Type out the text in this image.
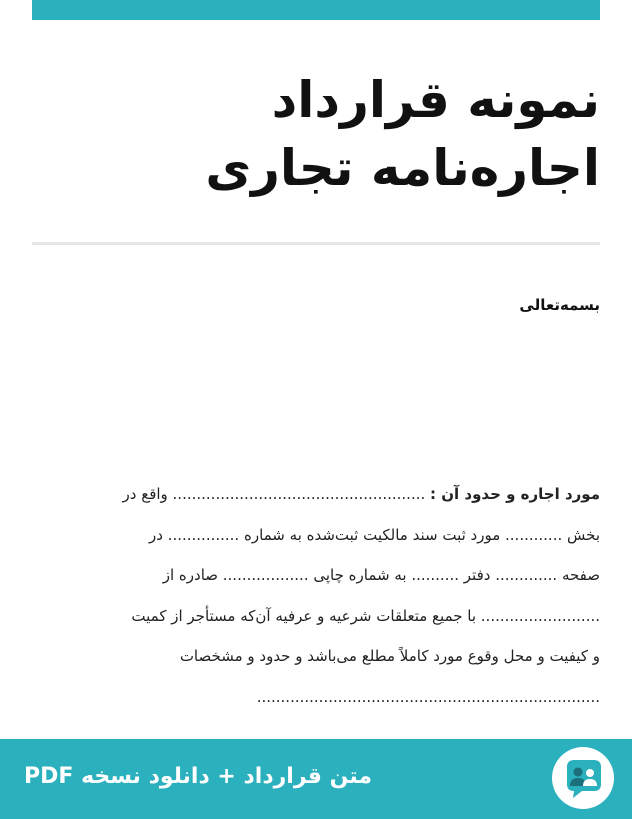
نمونه قرارداد اجاره‌نامه تجاری
بسمه‌تعالی
مورد اجاره و حدود آن : ..................................................... واقع در
بخش ............ مورد ثبت سند مالکیت ثبت‌شده به شماره ............... در
صفحه ............. دفتر .......... به شماره چاپی .................. صادره از
......................... با جمیع متعلقات شرعیه و عرفیه آن‌که مستأجر از کمیت
و کیفیت و محل وقوع مورد کاملاً مطلع می‌باشد و حدود و مشخصات
........................................................................
متن قرارداد + دانلود نسخه PDF
